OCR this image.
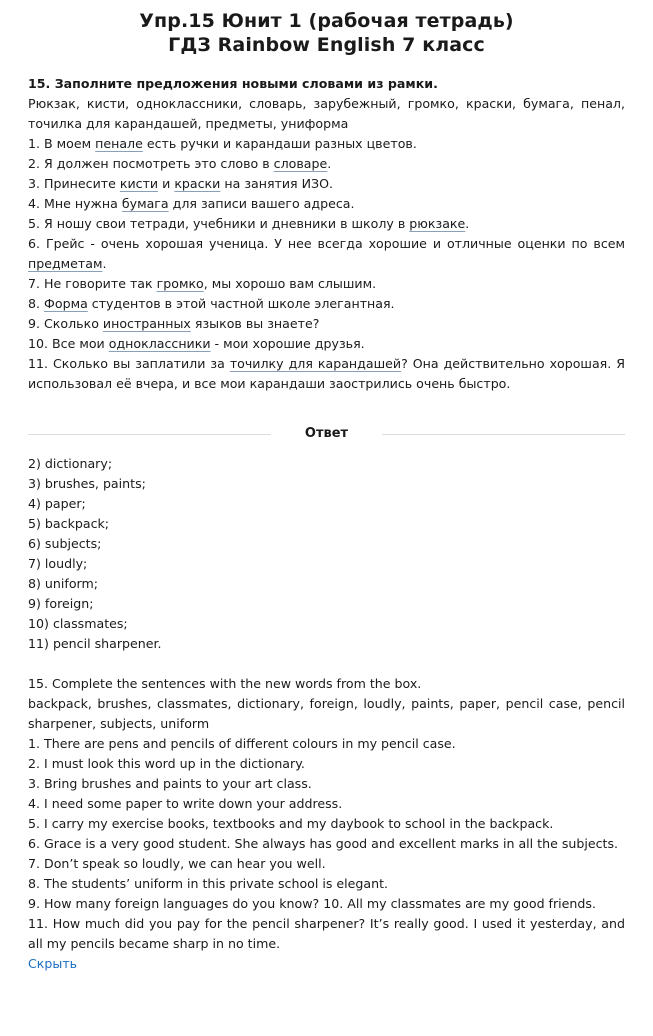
Упр.15 Юнит 1 (рабочая тетрадь)
ГДЗ Rainbow English 7 класс
15. Заполните предложения новыми словами из рамки.
Рюкзак, кисти, одноклассники, словарь, зарубежный, громко, краски, бумага, пенал, точилка для карандашей, предметы, униформа
1. В моем пенале есть ручки и карандаши разных цветов.
2. Я должен посмотреть это слово в словаре.
3. Принесите кисти и краски на занятия ИЗО.
4. Мне нужна бумага для записи вашего адреса.
5. Я ношу свои тетради, учебники и дневники в школу в рюкзаке.
6. Грейс - очень хорошая ученица. У нее всегда хорошие и отличные оценки по всем предметам.
7. Не говорите так громко, мы хорошо вам слышим.
8. Форма студентов в этой частной школе элегантная.
9. Сколько иностранных языков вы знаете?
10. Все мои одноклассники - мои хорошие друзья.
11. Сколько вы заплатили за точилку для карандашей? Она действительно хорошая. Я использовал её вчера, и все мои карандаши заострились очень быстро.
Ответ
2) dictionary;
3) brushes, paints;
4) paper;
5) backpack;
6) subjects;
7) loudly;
8) uniform;
9) foreign;
10) classmates;
11) pencil sharpener.
15. Complete the sentences with the new words from the box.
backpack, brushes, classmates, dictionary, foreign, loudly, paints, paper, pencil case, pencil sharpener, subjects, uniform
1. There are pens and pencils of different colours in my pencil case.
2. I must look this word up in the dictionary.
3. Bring brushes and paints to your art class.
4. I need some paper to write down your address.
5. I carry my exercise books, textbooks and my daybook to school in the backpack.
6. Grace is a very good student. She always has good and excellent marks in all the subjects.
7. Don’t speak so loudly, we can hear you well.
8. The students’ uniform in this private school is elegant.
9. How many foreign languages do you know? 10. All my classmates are my good friends.
11. How much did you pay for the pencil sharpener? It’s really good. I used it yesterday, and all my pencils became sharp in no time.
Скрыть
